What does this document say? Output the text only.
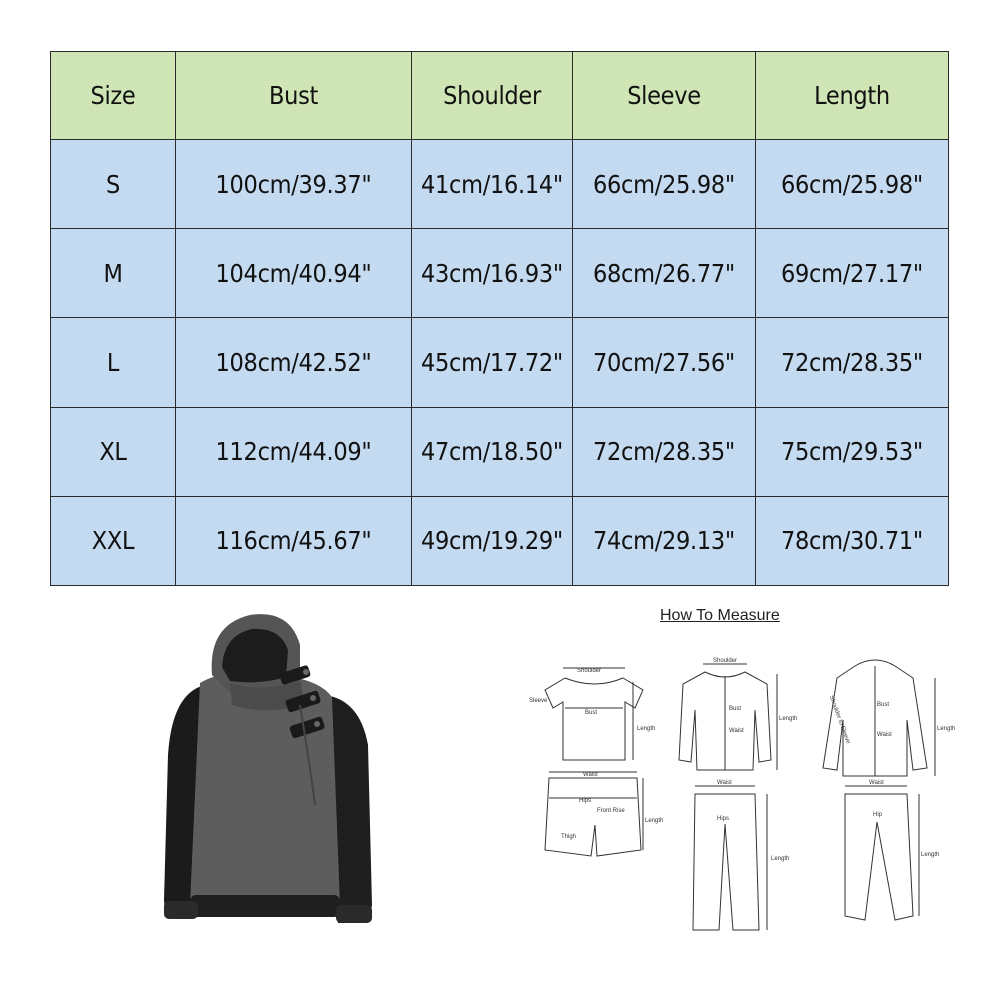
Size	Bust	Shoulder	Sleeve	Length
S	100cm/39.37"	41cm/16.14"	66cm/25.98"	66cm/25.98"
M	104cm/40.94"	43cm/16.93"	68cm/26.77"	69cm/27.17"
L	108cm/42.52"	45cm/17.72"	70cm/27.56"	72cm/28.35"
XL	112cm/44.09"	47cm/18.50"	72cm/28.35"	75cm/29.53"
XXL	116cm/45.67"	49cm/19.29"	74cm/29.13"	78cm/30.71"
How To Measure
Shoulder
Sleeve
Bust
Length
Waist
Hips
Front Rise
Thigh
Length
Shoulder
Bust
Waist
Length
Waist
Hips
Length
Shoulder to Sleeve	Bust
Waist
Length
Waist
Hip
Length
